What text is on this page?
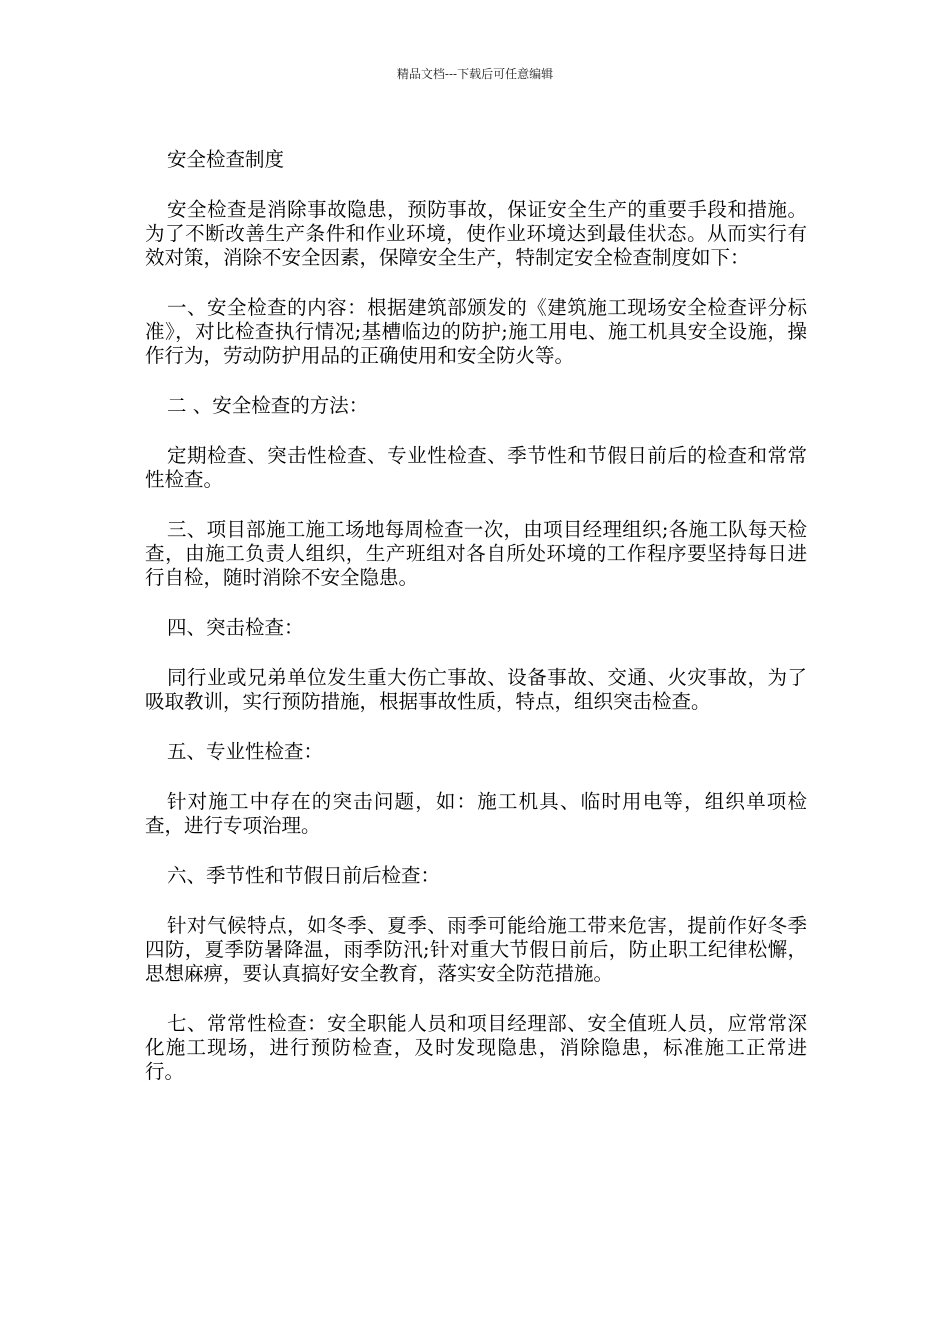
精品文档---下载后可任意编辑
安全检查制度

安全检查是消除事故隐患，预防事故，保证安全生产的重要手段和措施。为了不断改善生产条件和作业环境，使作业环境达到最佳状态。从而实行有效对策，消除不安全因素，保障安全生产，特制定安全检查制度如下：

一、安全检查的内容：根据建筑部颁发的《建筑施工现场安全检查评分标准》，对比检查执行情况;基槽临边的防护;施工用电、施工机具安全设施，操作行为，劳动防护用品的正确使用和安全防火等。

二 、安全检查的方法：

定期检查、突击性检查、专业性检查、季节性和节假日前后的检查和常常性检查。

三、项目部施工施工场地每周检查一次，由项目经理组织;各施工队每天检查，由施工负责人组织，生产班组对各自所处环境的工作程序要坚持每日进行自检，随时消除不安全隐患。

四、突击检查：

同行业或兄弟单位发生重大伤亡事故、设备事故、交通、火灾事故，为了吸取教训，实行预防措施，根据事故性质，特点，组织突击检查。

五、专业性检查：

针对施工中存在的突击问题，如：施工机具、临时用电等，组织单项检查，进行专项治理。

六、季节性和节假日前后检查：

针对气候特点，如冬季、夏季、雨季可能给施工带来危害，提前作好冬季四防，夏季防暑降温，雨季防汛;针对重大节假日前后，防止职工纪律松懈，思想麻痹，要认真搞好安全教育，落实安全防范措施。

七、常常性检查：安全职能人员和项目经理部、安全值班人员，应常常深化施工现场，进行预防检查，及时发现隐患，消除隐患，标准施工正常进行。
